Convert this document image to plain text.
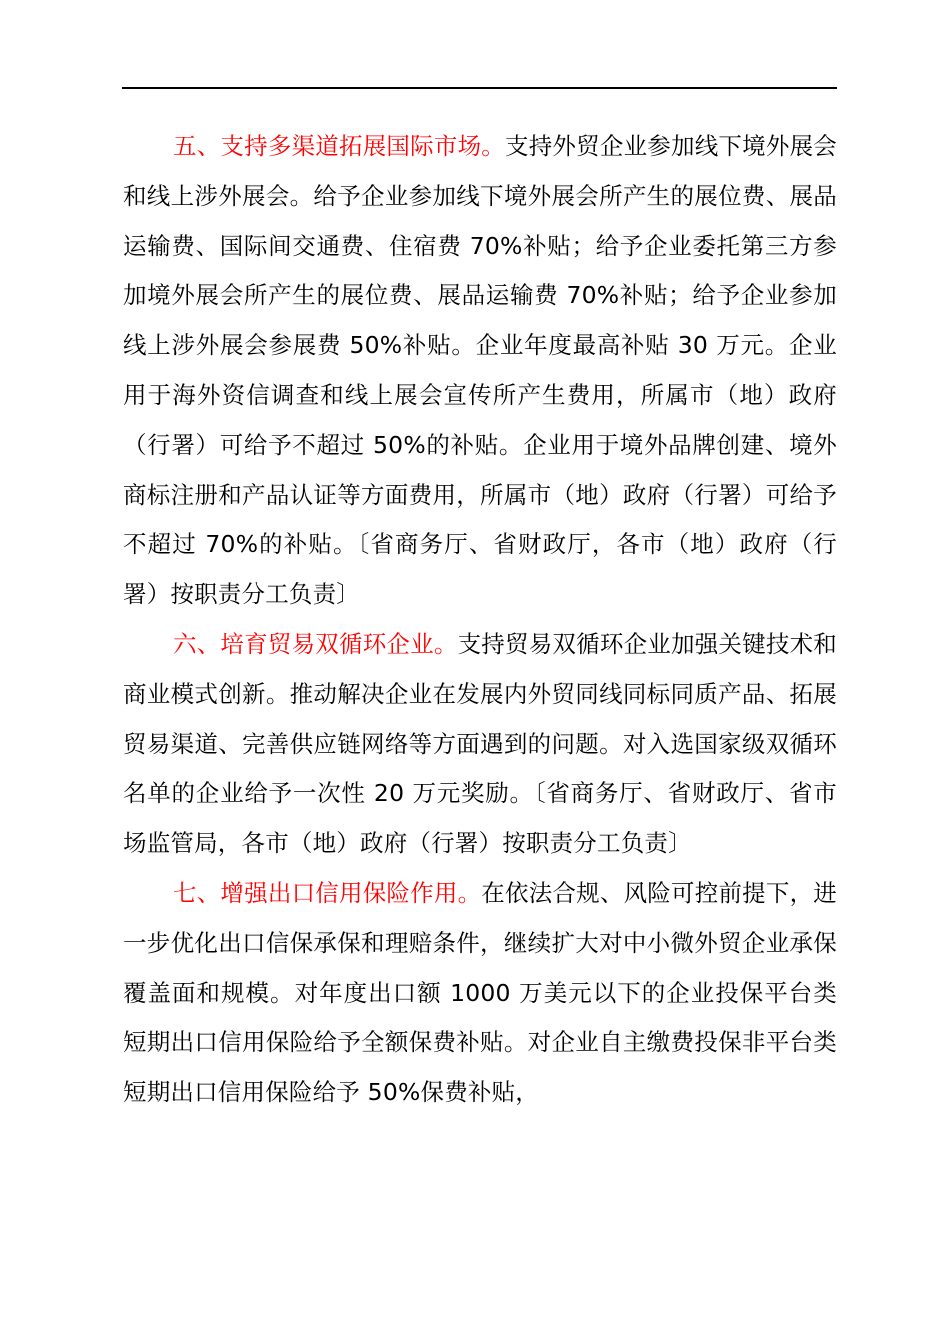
五、支持多渠道拓展国际市场。支持外贸企业参加线下境外展会和线上涉外展会。给予企业参加线下境外展会所产生的展位费、展品运输费、国际间交通费、住宿费 70%补贴；给予企业委托第三方参加境外展会所产生的展位费、展品运输费 70%补贴；给予企业参加线上涉外展会参展费 50%补贴。企业年度最高补贴 30 万元。企业用于海外资信调查和线上展会宣传所产生费用，所属市（地）政府（行署）可给予不超过 50%的补贴。企业用于境外品牌创建、境外商标注册和产品认证等方面费用，所属市（地）政府（行署）可给予不超过 70%的补贴。〔省商务厅、省财政厅，各市（地）政府（行署）按职责分工负责〕

六、培育贸易双循环企业。支持贸易双循环企业加强关键技术和商业模式创新。推动解决企业在发展内外贸同线同标同质产品、拓展贸易渠道、完善供应链网络等方面遇到的问题。对入选国家级双循环名单的企业给予一次性 20 万元奖励。〔省商务厅、省财政厅、省市场监管局，各市（地）政府（行署）按职责分工负责〕

七、增强出口信用保险作用。在依法合规、风险可控前提下，进一步优化出口信保承保和理赔条件，继续扩大对中小微外贸企业承保覆盖面和规模。对年度出口额 1000 万美元以下的企业投保平台类短期出口信用保险给予全额保费补贴。对企业自主缴费投保非平台类短期出口信用保险给予 50%保费补贴，
